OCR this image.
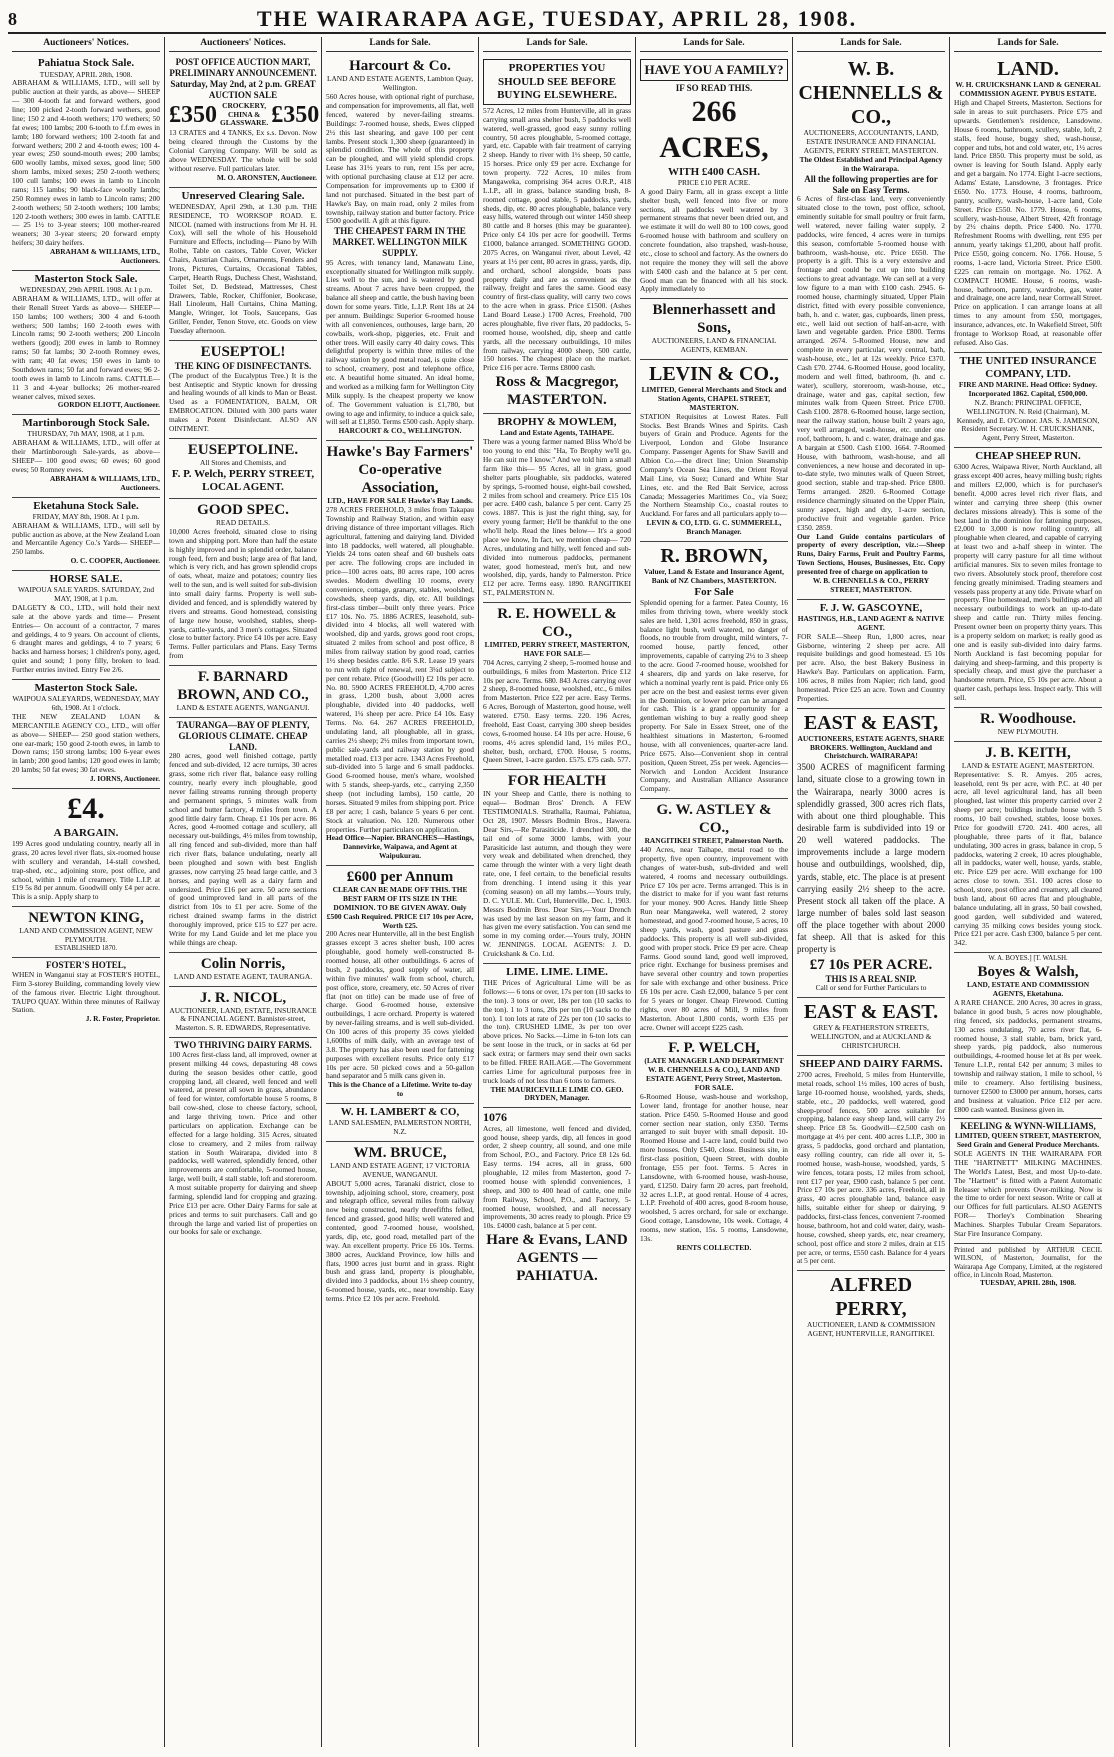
8	THE WAIRARAPA AGE, TUESDAY, APRIL 28, 1908.
Auctioneers' Notices.
Pahiatua Stock Sale.
TUESDAY, APRIL 28th, 1908.
ABRAHAM & WILLIAMS, LTD., will sell by public auction at their yards, as above— SHEEP— 300 4-tooth fat and forward wethers, good line; 100 picked 2-tooth forward wethers, good line; 150 2 and 4-tooth wethers; 170 wethers; 50 fat ewes; 100 lambs; 200 6-tooth to f.f.m ewes in lamb; 180 forward wethers; 100 2-tooth fat and forward wethers; 200 2 and 4-tooth ewes; 100 4-year ewes; 250 sound-mouth ewes; 200 lambs; 600 woolly lambs, mixed sexes, good line; 500 shorn lambs, mixed sexes; 250 2-tooth wethers; 100 cull lambs; 100 ewes in lamb to Lincoln rams; 115 lambs; 90 black-face woolly lambs; 250 Romney ewes in lamb to Lincoln rams; 200 2-tooth wethers; 50 2-tooth wethers; 100 lambs; 120 2-tooth wethers; 300 ewes in lamb. CATTLE— 25 1½ to 3-year steers; 100 mother-reared weaners; 30 3-year steers; 20 forward empty heifers; 30 dairy heifers.
ABRAHAM & WILLIAMS, LTD., Auctioneers.
Masterton Stock Sale.
WEDNESDAY, 29th APRIL 1908. At 1 p.m.
ABRAHAM & WILLIAMS, LTD., will offer at their Renall Street Yards as above— SHEEP— 150 lambs; 100 wethers; 300 4 and 6-tooth wethers; 500 lambs; 160 2-tooth ewes with Lincoln rams; 90 2-tooth wethers; 200 Lincoln wethers (good); 200 ewes in lamb to Romney rams; 50 fat lambs; 30 2-tooth Romney ewes, with ram; 40 fat ewes; 150 ewes in lamb to Southdown rams; 50 fat and forward ewes; 96 2-tooth ewes in lamb to Lincoln rams. CATTLE— 11 3 and 4-year bullocks; 26 mother-reared weaner calves, mixed sexes.
GORDON ELIOTT, Auctioneer.
Martinborough Stock Sale.
THURSDAY, 7th MAY, 1908, at 1 p.m.
ABRAHAM & WILLIAMS, LTD., will offer at their Martinborough Sale-yards, as above— SHEEP— 100 good ewes; 60 ewes; 60 good ewes; 50 Romney ewes.
ABRAHAM & WILLIAMS, LTD., Auctioneers.
Eketahuna Stock Sale.
FRIDAY, MAY 8th, 1908. At 1 p.m.
ABRAHAM & WILLIAMS, LTD., will sell by public auction as above, at the New Zealand Loan and Mercantile Agency Co.'s Yards— SHEEP— 250 lambs.
O. C. COOPER, Auctioneer.
HORSE SALE.
WAIPOUA SALE YARDS. SATURDAY, 2nd MAY, 1908, at 1 p.m.
DALGETY & CO., LTD., will hold their next sale at the above yards and time— Present Entries— On account of a contractor, 7 mares and geldings, 4 to 9 years. On account of clients, 6 draught mares and geldings, 4 to 7 years; 6 hacks and harness horses; 1 children's pony, aged, quiet and sound; 1 pony filly, broken to lead. Further entries invited. Entry Fee 2/6.
Masterton Stock Sale.
WAIPOUA SALEYARDS, WEDNESDAY, MAY 6th, 1908. At 1 o'clock.
THE NEW ZEALAND LOAN & MERCANTILE AGENCY CO., LTD., will offer as above— SHEEP— 250 good station wethers, one ear-mark; 150 good 2-tooth ewes, in lamb to Down rams; 150 strong lambs; 100 6-year ewes in lamb; 200 good lambs; 120 good ewes in lamb; 20 lambs; 50 fat ewes; 30 fat ewes.
J. IORNS, Auctioneer.
£4.
A BARGAIN.
199 Acres good undulating country, nearly all in grass, 20 acres level river flats, six-roomed house with scullery and verandah, 14-stall cowshed, trap-shed, etc., adjoining store, post office, and school, within 1 mile of creamery. Title L.I.P. at £19 5s 8d per annum. Goodwill only £4 per acre. This is a snip. Apply sharp to
NEWTON KING,
LAND AND COMMISSION AGENT, NEW PLYMOUTH.
ESTABLISHED 1870.
FOSTER'S HOTEL,
WHEN in Wanganui stay at FOSTER'S HOTEL, Firm 3-storey Building, commanding lovely view of the famous river. Electric Light throughout. TAUPO QUAY. Within three minutes of Railway Station.
J. R. Foster, Proprietor.
Auctioneers' Notices.
POST OFFICE AUCTION MART, PRELIMINARY ANNOUNCEMENT. Saturday, May 2nd, at 2 p.m. GREAT AUCTION SALE
£350 CROCKERY, CHINA & GLASSWARE. £350
13 CRATES and 4 TANKS, Ex s.s. Devon. Now being cleared through the Customs by the Colonial Carrying Company. Will be sold as above WEDNESDAY. The whole will be sold without reserve. Full particulars later.
M. O. ARONSTEN, Auctioneer.
Unreserved Clearing Sale.
WEDNESDAY, April 29th, at 1.30 p.m. THE RESIDENCE, TO WORKSOP ROAD. E. NICOL (named with instructions from Mr H. H. Cox), will sell the whole of his Household Furniture and Effects, including— Piano by Wilh Rolhe, Table on castors, Table Cover, Wicker Chairs, Austrian Chairs, Ornaments, Fenders and Irons, Pictures, Curtains, Occasional Tables, Carpet, Hearth Rugs, Duchess Chest, Washstand, Toilet Set, D. Bedstead, Mattresses, Chest Drawers, Table, Rocker, Chiffonier, Bookcase, Hall Linoleum, Hall Curtains, China Matting, Mangle, Wringer, lot Tools, Saucepans, Gas Griller, Fender, Tenon Stove, etc. Goods on view Tuesday afternoon.
EUSEPTOL!
THE KING OF DISINFECTANTS.
(The product of the Eucalyptus Tree.) It is the best Antiseptic and Styptic known for dressing and healing wounds of all kinds to Man or Beast. Used as a FOMENTATION, BALM, OR EMBROCATION. Diluted with 300 parts water makes a Potent Disinfectant. ALSO AN OINTMENT.
EUSEPTOLINE.
All Stores and Chemists, and
F. P. Welch, PERRY STREET, LOCAL AGENT.
GOOD SPEC.
READ DETAILS.
10,000 Acres freehold, situated close to rising town and shipping port. More than half the estate is highly improved and in splendid order, balance rough feed, fern and bush; large area of flat land, which is very rich, and has grown splendid crops of oats, wheat, maize and potatoes; country lies well to the sun, and is well suited for sub-division into small dairy farms. Property is well sub-divided and fenced, and is splendidly watered by rivers and streams. Good homestead, consisting of large new house, woolshed, stables, sheep-yards, cattle-yards, and 3 men's cottages. Situated close to butter factory. Price £4 10s per acre. Easy Terms. Fuller particulars and Plans. Easy Terms from
F. BARNARD BROWN, AND CO.,
LAND & ESTATE AGENTS, WANGANUI.
TAURANGA—BAY OF PLENTY, GLORIOUS CLIMATE. CHEAP LAND.
280 acres, good well finished cottage, partly fenced and sub-divided, 12 acre turnips, 30 acres grass, some rich river flat, balance easy rolling country, nearly every inch ploughable, good never failing streams running through property and permanent springs, 5 minutes walk from school and butter factory, 4 miles from town. A good little dairy farm. Cheap. £1 10s per acre. 86 Acres, good 4-roomed cottage and scullery, all necessary out-buildings, 4½ miles from township, all ring fenced and sub-divided, more than half rich river flats, balance undulating, nearly all been ploughed and sown with best English grasses, now carrying 25 head large cattle, and 3 horses, and paying well as a dairy farm and undersized. Price £16 per acre. 50 acre sections of good unimproved land in all parts of the district from 10s to £1 per acre. Some of the richest drained swamp farms in the district thoroughly improved, price £15 to £27 per acre. Write for my Land Guide and let me place you while things are cheap.
Colin Norris,
LAND AND ESTATE AGENT, TAURANGA.
J. R. NICOL,
AUCTIONEER, LAND, ESTATE, INSURANCE & FINANCIAL AGENT. Bannister-street, Masterton. S. R. EDWARDS, Representative.
TWO THRIVING DAIRY FARMS.
100 Acres first-class land, all improved, owner at present milking 44 cows, depasturing 48 cows during the season besides other cattle, good cropping land, all cleared, well fenced and well watered, at present all sown in grass, abundance of feed for winter, comfortable house 5 rooms, 8 bail cow-shed, close to cheese factory, school, and large thriving town. Price and other particulars on application. Exchange can be effected for a large holding. 315 Acres, situated close to creamery, and 2 miles from railway station in South Wairarapa, divided into 8 paddocks, well watered, splendidly fenced, other improvements are comfortable, 5-roomed house, large, well built, 4 stall stable, loft and storeroom. A most suitable property for dairying and sheep farming, splendid land for cropping and grazing. Price £13 per acre. Other Dairy Farms for sale at prices and terms to suit purchasers. Call and go through the large and varied list of properties on our books for sale or exchange.
Lands for Sale.
Harcourt & Co.
LAND AND ESTATE AGENTS, Lambton Quay, Wellington.
560 Acres house, with optional right of purchase, and compensation for improvements, all flat, well fenced, watered by never-failing streams. Buildings: 7-roomed house, sheds, Ewes clipped 2½ this last shearing, and gave 100 per cent lambs. Present stock 1,300 sheep (guaranteed) in splendid condition. The whole of this property can be ploughed, and will yield splendid crops. Lease has 31½ years to run, rent 15s per acre, with optional purchasing clause at £12 per acre. Compensation for improvements up to £300 if land not purchased. Situated in the best part of Hawke's Bay, on main road, only 2 miles from township, railway station and butter factory. Price £500 goodwill. A gift at this figure.
THE CHEAPEST FARM IN THE MARKET. WELLINGTON MILK SUPPLY.
95 Acres, with tenancy land, Manawatu Line, exceptionally situated for Wellington milk supply. Lies well to the sun, and is watered by good streams. About 7 acres have been cropped, the balance all sheep and cattle, the bush having been down for some years. Title, L.I.P. Rent 18s at 24 per annum. Buildings: Superior 6-roomed house with all conveniences, outhouses, large barn, 20 cowbails, work-shop, piggeries, etc. Fruit and other trees. Will easily carry 40 dairy cows. This delightful property is within three miles of the railway station by good metal road, is quite close to school, creamery, post and telephone office, etc. A beautiful home situated. An ideal home, and worked as a milking farm for Wellington City Milk supply. Is the cheapest property we know of. The Government valuation is £1,780, but owing to age and infirmity, to induce a quick sale, will sell at £1,850. Terms £500 cash. Apply sharp.
HARCOURT & CO., WELLINGTON.
Hawke's Bay Farmers' Co-operative Association,
LTD., HAVE FOR SALE Hawke's Bay Lands.
278 ACRES FREEHOLD, 3 miles from Takapau Township and Railway Station, and within easy driving distance of three important villages. Rich agricultural, fattening and dairying land. Divided into 18 paddocks, well watered, all ploughable. Yields 24 tons oaten sheaf and 60 bushels oats per acre. The following crops are included in price—100 acres oats, 80 acres rape, 100 acres swedes. Modern dwelling 10 rooms, every convenience, cottage, granary, stables, woolshed, cowsheds, sheep yards, dip, etc. All buildings first-class timber—built only three years. Price £17 10s. No. 75. 1886 ACRES, leasehold, sub-divided into 4 blocks, all well watered with woolshed, dip and yards, grows good root crops, situated 2 miles from school and post office, 8 miles from railway station by good road, carries 1½ sheep besides cattle. 8/6 S.R. Lease 19 years to run with right of renewal, rent 3¼d subject to per cent rebate. Price (Goodwill) £2 10s per acre. No. 80. 5900 ACRES FREEHOLD, 4,700 acres in grass, 1,200 bush, about 3,000 acres ploughable, divided into 40 paddocks, well watered, 1¼ sheep per acre. Price £4 10s. Easy Terms. No. 64. 267 ACRES FREEHOLD, undulating land, all ploughable, all in grass, carries 2½ sheep; 2½ miles from important town, public sale-yards and railway station by good metalled road. £13 per acre. 1343 Acres Freehold, sub-divided into 5 large and 6 small paddocks. Good 6-roomed house, men's whare, woolshed with 5 stands, sheep-yards, etc., carrying 2,350 sheep (not including lambs), 150 cattle, 20 horses. Situated 9 miles from shipping port. Price £8 per acre; 1 cash, balance 5 years 6 per cent. Stock at valuation. No. 120. Numerous other properties. Further particulars on application.
Head Office—Napier. BRANCHES—Hastings, Dannevirke, Waipawa, and Agent at Waipukurau.
£600 per Annum
CLEAR CAN BE MADE OFF THIS. THE BEST FARM OF ITS SIZE IN THE DOMINION. TO BE GIVEN AWAY. Only £500 Cash Required. PRICE £17 10s per Acre, Worth £25.
200 Acres near Hunterville, all in the best English grasses except 3 acres shelter bush, 100 acres ploughable, good homely well-constructed 8-roomed house, all other outbuildings. 6 acres of bush, 2 paddocks, good supply of water, all within five minutes' walk from school, church, post office, store, creamery, etc. 50 Acres of river flat (not on title) can be made use of free of charge. Good 6-roomed house, extensive outbuildings, 1 acre orchard. Property is watered by never-failing streams, and is well sub-divided. On 100 acres of this property 35 cows yielded 1,600lbs of milk daily, with an average test of 3.8. The property has also been used for fattening purposes with excellent results. Price only £17 10s per acre. 50 picked cows and a 50-gallon hand separator and 5 milk cans given in.
This is the Chance of a Lifetime. Write to-day to
W. H. LAMBERT & CO,
LAND SALESMEN, PALMERSTON NORTH, N.Z.
WM. BRUCE,
LAND AND ESTATE AGENT, 17 VICTORIA AVENUE, WANGANUI.
ABOUT 5,000 acres, Taranaki district, close to township, adjoining school, store, creamery, post and telegraph office, several miles from railway now being constructed, nearly threefifths felled, fenced and grassed, good hills; well watered and contented, good 7-roomed house, woolshed, yards, dip, etc, good road, metalled part of the way. An excellent property. Price £6 10s. Terms. 3800 acres, Auckland Province, low hills and flats, 1900 acres just burnt and in grass. Right bush and grass land, property is ploughable, divided into 3 paddocks, about 1½ sheep country, 6-roomed house, yards, etc., near township. Easy terms. Price £2 10s per acre. Freehold.
Lands for Sale.
PROPERTIES YOU SHOULD SEE BEFORE BUYING ELSEWHERE.
572 Acres, 12 miles from Hunterville, all in grass carrying small area shelter bush, 5 paddocks well watered, well-grassed, good easy sunny rolling country, 50 acres ploughable, 5-roomed cottage, yard, etc. Capable with fair treatment of carrying 2 sheep. Handy to river with 1½ sheep, 50 cattle, 15 horses. Price only £9 per acre. Exchange for town property. 722 Acres, 10 miles from Mangaweka, comprising 364 acres O.R.P., 418 L.I.P., all in grass, balance standing bush, 8-roomed cottage, good stable, 5 paddocks, yards, sheds, dip, etc. 80 acres ploughable, balance very easy hills, watered through out winter 1450 sheep 80 cattle and 8 horses (this may be guarantee). Price only £4 10s per acre for goodwill. Terms £1000, balance arranged. SOMETHING GOOD. 2075 Acres, on Wanganui river, about Level, 42 years at 1½ per cent, 80 acres in grass, yards, dip, and orchard, school alongside, boats pass property daily and are as convenient as the railway, freight and fares the same. Good easy country of first-class quality, will carry two cows to the acre when in grass. Price £1500. (Ashes Land Board Lease.) 1700 Acres, Freehold, 700 acres ploughable, five river flats, 20 paddocks, 5-roomed house, woolshed, dip, sheep and cattle yards, all the necessary outbuildings, 10 miles from railway, carrying 4000 sheep, 500 cattle, 150 horses. The cheapest place on the market. Price £16 per acre. Terms £8000 cash.
Ross & Macgregor, MASTERTON.
BROPHY & MOWLEM,
Land and Estate Agents, TAIHAPE.
There was a young farmer named Bliss Who'd be too young to end this: "Ha, To Brophy we'll go, He can suit me I know." And we told him a small farm like this— 95 Acres, all in grass, good shelter parts ploughable, six paddocks, watered by springs, 5-roomed house, eight-bail cowshed, 2 miles from school and creamery. Price £15 10s per acre. £400 cash, balance 5 per cent. Carry 25 cows. 1887. This is just the right thing, say, for every young farmer; He'll be thankful to the one who'll help. Read the lines below— It's a good place we know, In fact, we mention cheap— 720 Acres, undulating and hilly, well fenced and sub-divided into numerous paddocks, permanent water, good homestead, men's hut, and new woolshed, dip, yards, handy to Palmerston. Price £12 per acre. Terms easy. 1890. RANGITIKEI ST., PALMERSTON N.
R. E. HOWELL & CO.,
LIMITED, PERRY STREET, MASTERTON, HAVE FOR SALE—
704 Acres, carrying 2 sheep, 5-roomed house and outbuildings, 6 miles from Masterton. Price £12 10s per acre. Terms. 680. 843 Acres carrying over 2 sheep, 8-roomed house, woolshed, etc., 6 miles from Masterton. Price £22 per acre. Easy Terms. 6 Acres, Borough of Masterton, good house, well watered. £750. Easy terms. 220. 196 Acres, freehold, East Coast, carrying 300 sheep besides cows, 6-roomed house. £4 10s per acre. House, 6 rooms, 4½ acres splendid land, 1½ miles P.O., shelter, bush, orchard, £700. House, 5 rooms, Queen Street, 1-acre garden. £575. £75 cash. 577.
FOR HEALTH
IN your Sheep and Cattle, there is nothing to equal— Bodman Bros' Drench. A FEW TESTIMONIALS. Strathalla, Raumai, Pahiatua, Oct 28, 1907. Messrs Bodmin Bros., Hawera. Dear Sirs,—Re Parasiticide. I drenched 300, the tail end of some 3000 lambs, with your Parasiticide last autumn, and though they were very weak and debilitated when drenched, they came through the winter with a very light death rate, one, I feel certain, to the beneficial results from drenching. I intend using it this year (coming season) on all my lambs.—Yours truly, D. C. YULE. Mt. Curl, Hunterville, Dec. 1, 1903. Messrs Bodmin Bros. Dear Sirs,—Your Drench was used by me last season on my farm, and it has given me every satisfaction. You can send me some in my coming order.—Yours truly, JOHN W. JENNINGS. LOCAL AGENTS: J. D. Cruickshank & Co. Ltd.
LIME. LIME. LIME.
THE Prices of Agricultural Lime will be as follows:— 6 tons or over, 17s per ton (10 sacks to the ton). 3 tons or over, 18s per ton (10 sacks to the ton). 1 to 3 tons, 20s per ton (10 sacks to the ton). 1 ton lots at rate of 22s per ton (10 sacks to the ton). CRUSHED LIME, 3s per ton over above prices. No Sacks.—Lime in 6-ton lots can be sent loose in the truck, or in sacks at 6d per sack extra; or farmers may send their own sacks to be filled. FREE RAILAGE.—The Government carries Lime for agricultural purposes free in truck loads of not less than 6 tons to farmers.
THE MAURICEVILLE LIME CO. GEO. DRYDEN, Manager.
1076
Acres, all limestone, well fenced and divided, good house, sheep yards, dip, all fences in good order, 2 sheep country, all sound, and one mile from School, P.O., and Factory. Price £8 12s 6d. Easy terms. 194 acres, all in grass, 600 ploughable, 12 miles from Masterton, good 7-roomed house with splendid conveniences, 1 sheep, and 300 to 400 head of cattle, one mile from Railway, School, P.O., and Factory, 5-roomed house, woolshed, and all necessary improvements, 30 acres ready to plough. Price £9 10s. £4000 cash, balance at 5 per cent.
Hare & Evans, LAND AGENTS — PAHIATUA.
Lands for Sale.
HAVE YOU A FAMILY?
IF SO READ THIS.
266 ACRES,
WITH £400 CASH.
PRICE £10 PER ACRE.
A good Dairy Farm, all in grass except a little shelter bush, well fenced into five or more sections, all paddocks well watered by 3 permanent streams that never been dried out, and we estimate it will do well 80 to 100 cows, good 6-roomed house with bathroom and scullery on concrete foundation, also trapshed, wash-house, etc., close to school and factory. As the owners do not require the money they will sell the above with £400 cash and the balance at 5 per cent. Good man can be financed with all his stock. Apply immediately to
Blennerhassett and Sons,
AUCTIONEERS, LAND & FINANCIAL AGENTS, KEMBAN.
LEVIN & CO.,
LIMITED, General Merchants and Stock and Station Agents, CHAPEL STREET, MASTERTON.
STATION Requisites at Lowest Rates. Full Stocks. Best Brands Wines and Spirits. Cash buyers of Grain and Produce. Agents for the Liverpool, London and Globe Insurance Company. Passenger Agents for Shaw Savill and Albion Co.—the direct line; Union Steamship Company's Ocean Sea Lines, the Orient Royal Mail Line, via Suez; Cunard and White Star Lines, etc. and the Red Bait Service, across Canada; Messageries Maritimes Co., via Suez; the Northern Steamship Co., coastal routes to Auckland. For fares and all particulars apply to—
LEVIN & CO, LTD. G. C. SUMMERELL, Branch Manager.
R. BROWN,
Valuer, Land & Estate and Insurance Agent, Bank of NZ Chambers, MASTERTON.
For Sale
Splendid opening for a farmer. Patea County, 16 miles from thriving town, where weekly stock sales are held. 1,301 acres freehold, 850 in grass, balance light bush, well watered, no danger of floods, no trouble from drought, mild winters, 7-roomed house, partly fenced, other improvements, capable of carrying 2½ to 3 sheep to the acre. Good 7-roomed house, woolshed for 4 shearers, dip and yards on lake reserve, for which a nominal yearly rent is paid. Price only £6 per acre on the best and easiest terms ever given in the Dominion, or lower price can be arranged for cash. This is a grand opportunity for a gentleman wishing to buy a really good sheep property. For Sale in Essex Street, one of the healthiest situations in Masterton, 6-roomed house, with all conveniences, quarter-acre land. Price £675. Also—Convenient shop in central position, Queen Street, 25s per week. Agencies—Norwich and London Accident Insurance Company, and Australian Alliance Assurance Company.
G. W. ASTLEY & CO.,
RANGITIKEI STREET, Palmerston North.
440 Acres, near Taihape, metal road to the property, five open country, improvement with changes of water-bush, sub-divided and well watered, 4 rooms and necessary outbuildings. Price £7 10s per acre. Terms arranged. This is in the district to make for if you want fast returns for your money. 900 Acres. Handy little Sheep Run near Mangaweka, well watered, 2 storey homestead, and good 7-roomed house, 5 acres, 10 sheep yards, wash, good pasture and grass paddocks. This property is all well sub-divided, good with proper stock. Price £9 per acre. Cheap Farms. Good sound land, good well improved, price right. Exchange for business premises and have several other country and town properties for sale with exchange and other business. Price £6 10s per acre. Cash £2,000, balance 5 per cent for 5 years or longer. Cheap Firewood. Cutting rights, over 80 acres of Mill, 9 miles from Masterton. About 1,800 cords, worth £35 per acre. Owner will accept £225 cash.
F. P. WELCH,
(LATE MANAGER LAND DEPARTMENT W. B. CHENNELLS & CO.), LAND AND ESTATE AGENT, Perry Street, Masterton. FOR SALE.
6-Roomed House, wash-house and workshop, Lower land, frontage for another house, near station. Price £450. 5-Roomed House and good corner section near station, only £350. Terms arranged to suit buyer with small deposit. 10-Roomed House and 1-acre land, could build two more houses. Only £540, close. Business site, in first-class position, Queen Street, with double frontage, £55 per foot. Terms. 5 Acres in Lansdowne, with 6-roomed house, wash-house, yard, £1250. Dairy farm 20 acres, part freehold, 32 acres L.I.P., at good rental. House of 4 acres, L.I.P. Freehold of 400 acres, good 8-room house, woolshed, 5 acres orchard, for sale or exchange. Good cottage, Lansdowne, 10s week. Cottage, 4 rooms, new station, 15s. 5 rooms, Lansdowne, 13s.
RENTS COLLECTED.
Lands for Sale.
W. B. CHENNELLS & CO.,
AUCTIONEERS, ACCOUNTANTS, LAND, ESTATE INSURANCE AND FINANCIAL AGENTS, PERRY STREET, MASTERTON.
The Oldest Established and Principal Agency in the Wairarapa.
All the following properties are for Sale on Easy Terms.
6 Acres of first-class land, very conveniently situated close to the town, post office, school, eminently suitable for small poultry or fruit farm, well watered, never failing water supply, 2 paddocks, wire fenced, 4 acres were in turnips this season, comfortable 5-roomed house with bathroom, wash-house, etc. Price £650. The property is a gift. This is a very extensive and frontage and could be cut up into building sections to great advantage. We can sell at a very low figure to a man with £100 cash. 2945. 6-roomed house, charmingly situated, Upper Plain district, fitted with every possible convenience, bath, h. and c. water, gas, cupboards, linen press, etc., well laid out section of half-an-acre, with lawn and vegetable garden. Price £800. Terms arranged. 2674. 5-Roomed House, new and complete in every particular, very central, bath, wash-house, etc., let at 12s weekly. Price £370. Cash £70. 2744. 6-Roomed House, good locality, modern and well fitted, bathroom, (h. and c. water), scullery, storeroom, wash-house, etc., drainage, water and gas, capital section, few minutes walk from Queen Street. Price £700. Cash £100. 2878. 6-Roomed house, large section, near the railway station, house built 2 years ago, very well arranged, wash-house, etc. under one roof, bathroom, h. and c. water, drainage and gas. A bargain at £500. Cash £100. 1664. 7-Roomed House, with bathroom, wash-house, and all conveniences, a new house and decorated in up-to-date style, two minutes walk of Queen Street, good section, stable and trap-shed. Price £800. Terms arranged. 2820. 6-Roomed Cottage residence charmingly situated on the Upper Plain, sunny aspect, high and dry, 1-acre section, productive fruit and vegetable garden. Price £350. 2859.
Our Land Guide contains particulars of property of every description, viz.:—Sheep Runs, Dairy Farms, Fruit and Poultry Farms, Town Sections, Houses, Businesses, Etc. Copy presented free of charge on application to
W. B. CHENNELLS & CO., PERRY STREET, MASTERTON.
F. J. W. GASCOYNE,
HASTINGS, H.B., LAND AGENT & NATIVE AGENT.
FOR SALE—Sheep Run, 1,800 acres, near Gisborne, wintering 2 sheep per acre. All requisite buildings and good homestead. £5 10s per acre. Also, the best Bakery Business in Hawke's Bay. Particulars on application. Farm, 106 acres, 8 miles from Napier; rich land, good homestead. Price £25 an acre. Town and Country Properties.
EAST & EAST,
AUCTIONEERS, ESTATE AGENTS, SHARE BROKERS. Wellington, Auckland and Christchurch. WAIRARAPA!
3500 ACRES of magnificent farming land, situate close to a growing town in the Wairarapa, nearly 3000 acres is splendidly grassed, 300 acres rich flats, with about one third ploughable. This desirable farm is subdivided into 19 or 20 well watered paddocks. The improvements include a large modern house and outbuildings, woolshed, dip, yards, stable, etc. The place is at present carrying easily 2½ sheep to the acre. Present stock all taken off the place. A large number of bales sold last season off the place together with about 2000 fat sheep. All that is asked for this property is
£7 10s PER ACRE.
THIS IS A REAL SNIP.
Call or send for Further Particulars to
EAST & EAST.
GREY & FEATHERSTON STREETS, WELLINGTON, and at AUCKLAND & CHRISTCHURCH.
SHEEP AND DAIRY FARMS.
2700 acres, Freehold, 5 miles from Hunterville, metal roads, school 1½ miles, 100 acres of bush, large 10-roomed house, woolshed, yards, sheds, stable, etc., 20 paddocks, well watered, good sheep-proof fences, 500 acres suitable for cropping, balance easy sheep land, will carry 2½ sheep. Price £8 5s. Goodwill—£2,500 cash on mortgage at 4½ per cent. 400 acres L.I.P., 300 in grass, 5 paddocks, good orchard and plantation, easy rolling country, can ride all over it, 5-roomed house, wash-house, woodshed, yards, 5 wire fences, totara posts, 12 miles from school, rent £17 per year, £900 cash, balance 5 per cent. Price £7 10s per acre. 336 acres, Freehold, all in grass, 40 acres ploughable land, balance easy hills, suitable either for sheep or dairying, 9 paddocks, first-class fences, convenient 7-roomed house, bathroom, hot and cold water, dairy, wash-house, cowshed, sheep yards, etc, near creamery, school, post office and store 2 miles, drain at £15 per acre, or terms, £550 cash. Balance for 4 years at 5 per cent.
ALFRED PERRY,
AUCTIONEER, LAND & COMMISSION AGENT, HUNTERVILLE, RANGITIKEI.
Lands for Sale.
LAND.
W. H. CRUICKSHANK LAND & GENERAL COMMISSION AGENT. PYBUS ESTATE.
High and Chapel Streets, Masterton. Sections for sale in areas to suit purchasers. Price £75 and upwards. Gentlemen's residence, Lansdowne. House 6 rooms, bathroom, scullery, stable, loft, 2 stalls, feed house, buggy shed, wash-house, copper and tubs, hot and cold water, etc, 1½ acres land. Price £850. This property must be sold, as owner is leaving for South Island. Apply early and get a bargain. No 1774. Eight 1-acre sections, Adams' Estate, Lansdowne, 3 frontages. Price £650. No. 1773. House, 4 rooms, bathroom, pantry, scullery, wash-house, 1-acre land, Cole Street. Price £550. No. 1779. House, 6 rooms, scullery, wash-house, Albert Street, 42ft frontage by 2½ chains depth. Price £400. No. 1770. Refreshment Rooms with dwelling, rent £95 per annum, yearly takings £1,200, about half profit. Price £550, going concern. No. 1766. House, 5 rooms, 1-acre land, Victoria Street. Price £500. £225 can remain on mortgage. No. 1762. A COMPACT HOME. House, 6 rooms, wash-house, bathroom, pantry, wardrobe, gas, water and drainage, one acre land, near Cornwall Street. Price on application. I can arrange loans at all times to any amount from £50, mortgages, insurance, advances, etc. In Wakefield Street, 50ft frontage to Worksop Road, at reasonable offer refused. Also Gas.
THE UNITED INSURANCE COMPANY, LTD.
FIRE AND MARINE. Head Office: Sydney. Incorporated 1862. Capital, £500,000.
N.Z. Branch: PRINCIPAL OFFICE, WELLINGTON. N. Reid (Chairman), M. Kennedy, and E. O'Connor. JAS. S. JAMESON, Resident Secretary. W. H. CRUICKSHANK, Agent, Perry Street, Masterton.
CHEAP SHEEP RUN.
6300 Acres, Waipawa River, North Auckland, all grass except 400 acres, heavy milling bush; rights and millers £2,000, which is for purchaser's benefit. 4,000 acres level rich river flats, and winter and carrying three sheep (this owner declares missions already). This is some of the best land in the dominion for fattening purposes, £2,000 to 3,000 is now rolling country, all ploughable when cleared, and capable of carrying at least two and a-half sheep in winter. The property will carry pasture for all time without artificial manures. Six to seven miles frontage to two rivers. Absolutely stock proof, therefore cost fencing greatly minimised. Trading steamers and vessels pass property at any tide. Private wharf on property. Fine homestead, men's buildings and all necessary outbuildings to work an up-to-date sheep and cattle run. Thirty miles fencing. Present owner been on property thirty years. This is a property seldom on market; is really good as one and is easily sub-divided into dairy farms. North Auckland is fast becoming popular for dairying and sheep-farming, and this property is specially cheap, and must give the purchaser a handsome return. Price, £5 10s per acre. About a quarter cash, perhaps less. Inspect early. This will sell.
R. Woodhouse.
NEW PLYMOUTH.
J. B. KEITH,
LAND & ESTATE AGENT, MASTERTON.
Representative: S. R. Amyes. 205 acres, leasehold, rent 9s per acre, with P.C. at 40 per acre, all level agricultural land, has all been ploughed, last winter this property carried over 2 sheep per acre; buildings include house with 5 rooms, 10 bail cowshed, stables, loose boxes. Price for goodwill £720. 241. 400 acres, all ploughable, three parts of it flat, balance undulating, 300 acres in grass, balance in crop, 5 paddocks, watering 2 creek, 10 acres ploughable, all in paddocks, water well, house, yards, stable, etc. Price £29 per acre. Will exchange for 100 acres close to town. 351. 100 acres close to school, store, post office and creamery, all cleared bush land, about 60 acres flat and ploughable, balance undulating, all in grass, 50 bail cowshed, good garden, well subdivided and watered, carrying 35 milking cows besides young stock. Price £21 per acre. Cash £300, balance 5 per cent. 342.
W. A. BOYES.] [T. WALSH.
Boyes & Walsh,
LAND, ESTATE AND COMMISSION AGENTS, Eketahuna.
A RARE CHANCE. 200 Acres, 30 acres in grass, balance in good bush, 5 acres now ploughable, ring fenced, six paddocks, permanent streams, 130 acres undulating, 70 acres river flat, 6-roomed house, 3 stall stable, barn, brick yard, sheep yards, pig paddock, also numerous outbuildings, 4-roomed house let at 8s per week. Tenure L.I.P., rental £42 per annum; 3 miles to township and railway station, 1 mile to school, ½ mile to creamery. Also fertilising business, turnover £2500 to £3000 per annum, horses, carts and business at valuation. Price £12 per acre. £800 cash wanted. Business given in.
KEELING & WYNN-WILLIAMS,
LIMITED, QUEEN STREET, MASTERTON, Seed Grain and General Produce Merchants.
SOLE AGENTS IN THE WAIRARAPA FOR THE "HARTNETT" MILKING MACHINES. The World's Latest, Best, and most Up-to-date. The "Hartnett" is fitted with a Patent Automatic Releaser which prevents Over-milking. Now is the time to order for next season. Write or call at our Offices for full particulars. ALSO AGENTS FOR— Thorley's Combination Shearing Machines. Sharples Tubular Cream Separators. Star Fire Insurance Company.
Printed and published by ARTHUR CECIL WILSON, of Masterton, Journalist, for the Wairarapa Age Company, Limited, at the registered office, in Lincoln Road, Masterton.
TUESDAY, APRIL 28th, 1908.
